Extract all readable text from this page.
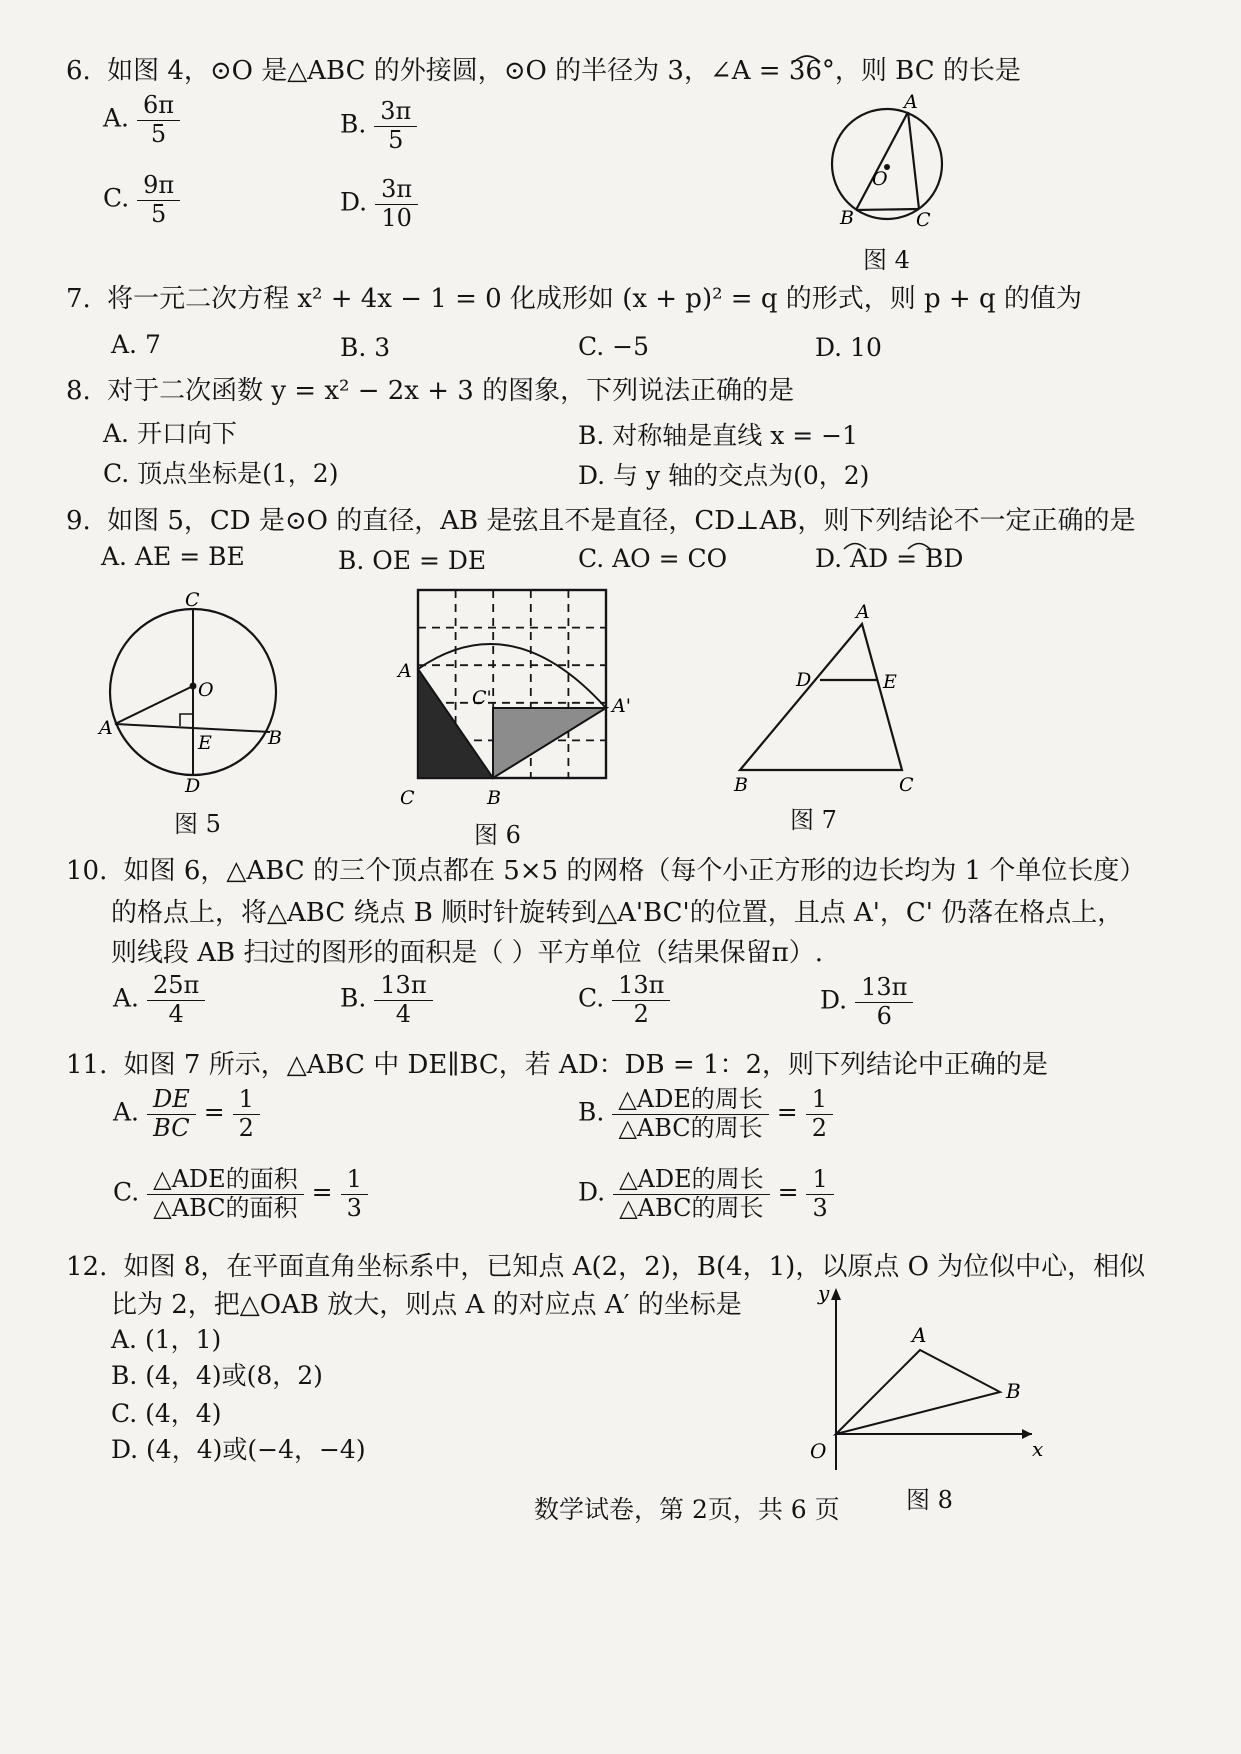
6. 如图 4，⊙O 是△ABC 的外接圆，⊙O 的半径为 3，∠A = 36°，则 BC 的长是
A. $\frac{6\pi}{5}$	B. $\frac{3\pi}{5}$
C. $\frac{9\pi}{5}$	D. $\frac{3\pi}{10}$
A
O
B	C
图 4
7. 将一元二次方程 x² + 4x − 1 = 0 化成形如 (x + p)² = q 的形式，则 p + q 的值为
A. 7	B. 3	C. −5	D. 10
8. 对于二次函数 y = x² − 2x + 3 的图象，下列说法正确的是
A. 开口向下	B. 对称轴是直线 x = −1
C. 顶点坐标是(1，2)	D. 与 y 轴的交点为(0，2)
9. 如图 5，CD 是⊙O 的直径，AB 是弦且不是直径，CD⊥AB，则下列结论不一定正确的是
A. AE = BE	B. OE = DE	C. AO = CO	D. AD = BD
C
O
A
E	B
D
图 5
A
C'	A'
C	B
图 6
A
D	E
B	C
图 7
10. 如图 6，△ABC 的三个顶点都在 5×5 的网格（每个小正方形的边长均为 1 个单位长度）
的格点上，将△ABC 绕点 B 顺时针旋转到△A'BC'的位置，且点 A'，C' 仍落在格点上，
则线段 AB 扫过的图形的面积是（ ）平方单位（结果保留π）.
A. $\frac{25\pi}{4}$	B. $\frac{13\pi}{4}$	C. $\frac{13\pi}{2}$	D. $\frac{13\pi}{6}$
11. 如图 7 所示，△ABC 中 DE∥BC，若 AD：DB = 1：2，则下列结论中正确的是
A. $\frac{DE}{BC} = \frac{1}{2}$	B. $\frac{\text{△ADE的周长}}{\text{△ABC的周长}} = \frac{1}{2}$
C. $\frac{\text{△ADE的面积}}{\text{△ABC的面积}} = \frac{1}{3}$	D. $\frac{\text{△ADE的周长}}{\text{△ABC的周长}} = \frac{1}{3}$
12. 如图 8，在平面直角坐标系中，已知点 A(2，2)，B(4，1)，以原点 O 为位似中心，相似
比为 2，把△OAB 放大，则点 A 的对应点 A′ 的坐标是
A. (1，1)
B. (4，4)或(8，2)
C. (4，4)
D. (4，4)或(−4，−4)
y
x
O
A
B
图 8
数学试卷，第 2页，共 6 页
